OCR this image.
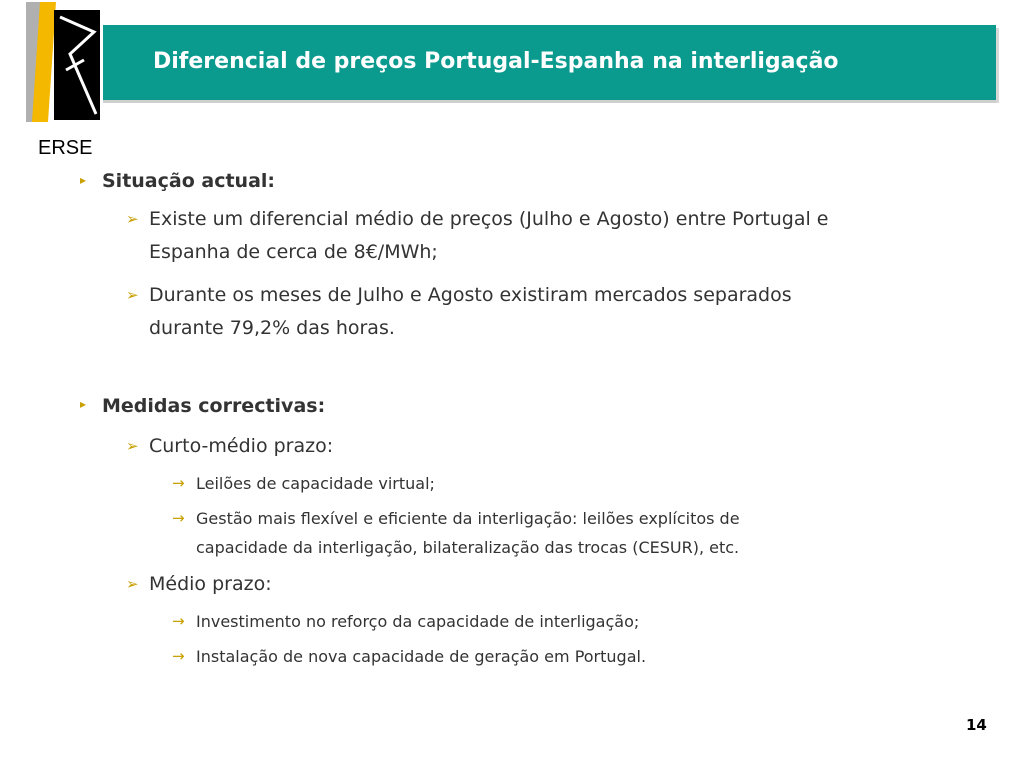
ERSE
Diferencial de preços Portugal-Espanha na interligação
▸ Situação actual:
➢ Existe um diferencial médio de preços (Julho e Agosto) entre Portugal e
Espanha de cerca de 8€/MWh;
➢ Durante os meses de Julho e Agosto existiram mercados separados
durante 79,2% das horas.
▸ Medidas correctivas:
➢ Curto-médio prazo:
→ Leilões de capacidade virtual;
→ Gestão mais flexível e eficiente da interligação: leilões explícitos de
capacidade da interligação, bilateralização das trocas (CESUR), etc.
➢ Médio prazo:
→ Investimento no reforço da capacidade de interligação;
→ Instalação de nova capacidade de geração em Portugal.
14
